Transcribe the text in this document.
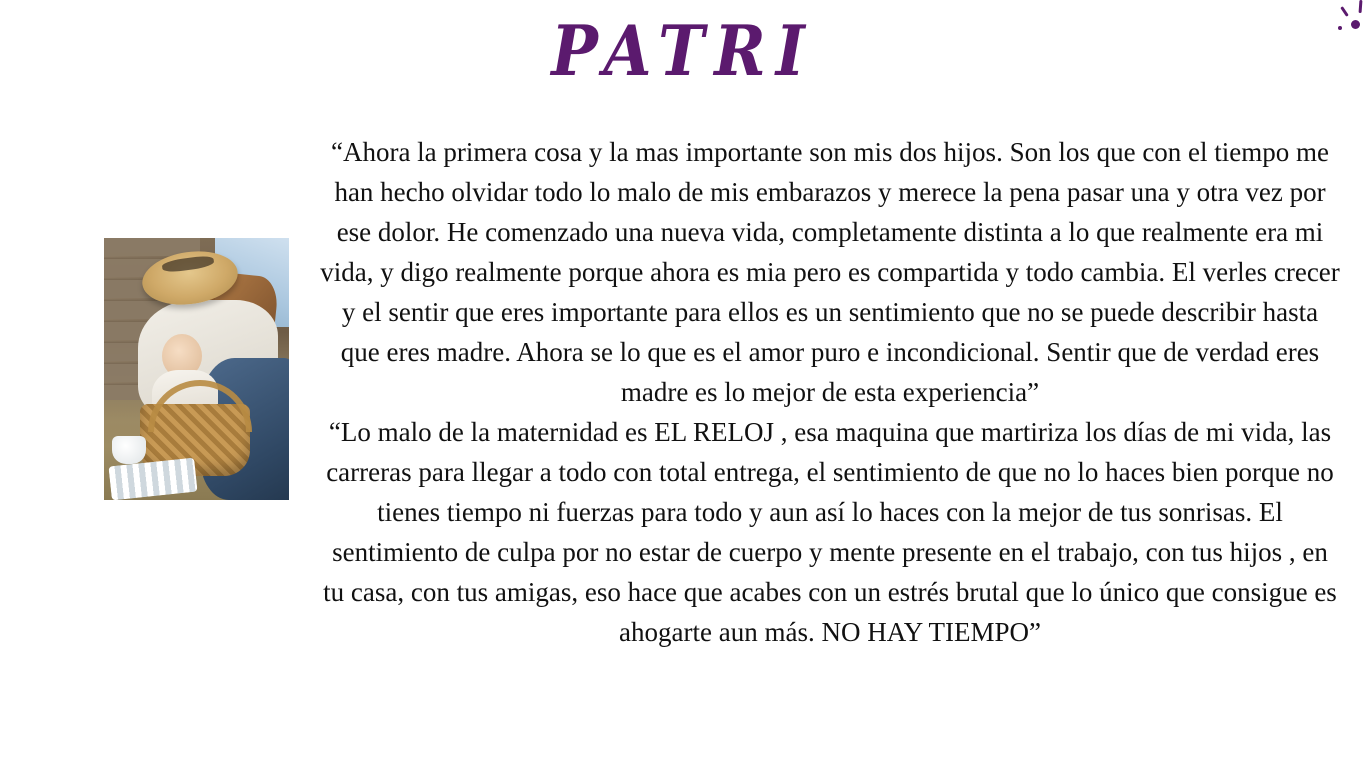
PATRI

“Ahora la primera cosa y la mas importante son mis dos hijos. Son los que con el tiempo me han hecho olvidar todo lo malo de mis embarazos y merece la pena pasar una y otra vez por ese dolor. He comenzado una nueva vida, completamente distinta a lo que realmente era mi vida, y digo realmente porque ahora es mia pero es compartida y todo cambia. El verles crecer y el sentir que eres importante para ellos es un sentimiento que no se puede describir hasta que eres madre. Ahora se lo que es el amor puro e incondicional. Sentir que de verdad eres madre es lo mejor de esta experiencia”

“Lo malo de la maternidad es EL RELOJ , esa maquina que martiriza los días de mi vida, las carreras para llegar a todo con total entrega, el sentimiento de que no lo haces bien porque no tienes tiempo ni fuerzas para todo y aun así lo haces con la mejor de tus sonrisas. El sentimiento de culpa por no estar de cuerpo y mente presente en el trabajo, con tus hijos , en tu casa, con tus amigas, eso hace que acabes con un estrés brutal que lo único que consigue es ahogarte aun más. NO HAY TIEMPO”
